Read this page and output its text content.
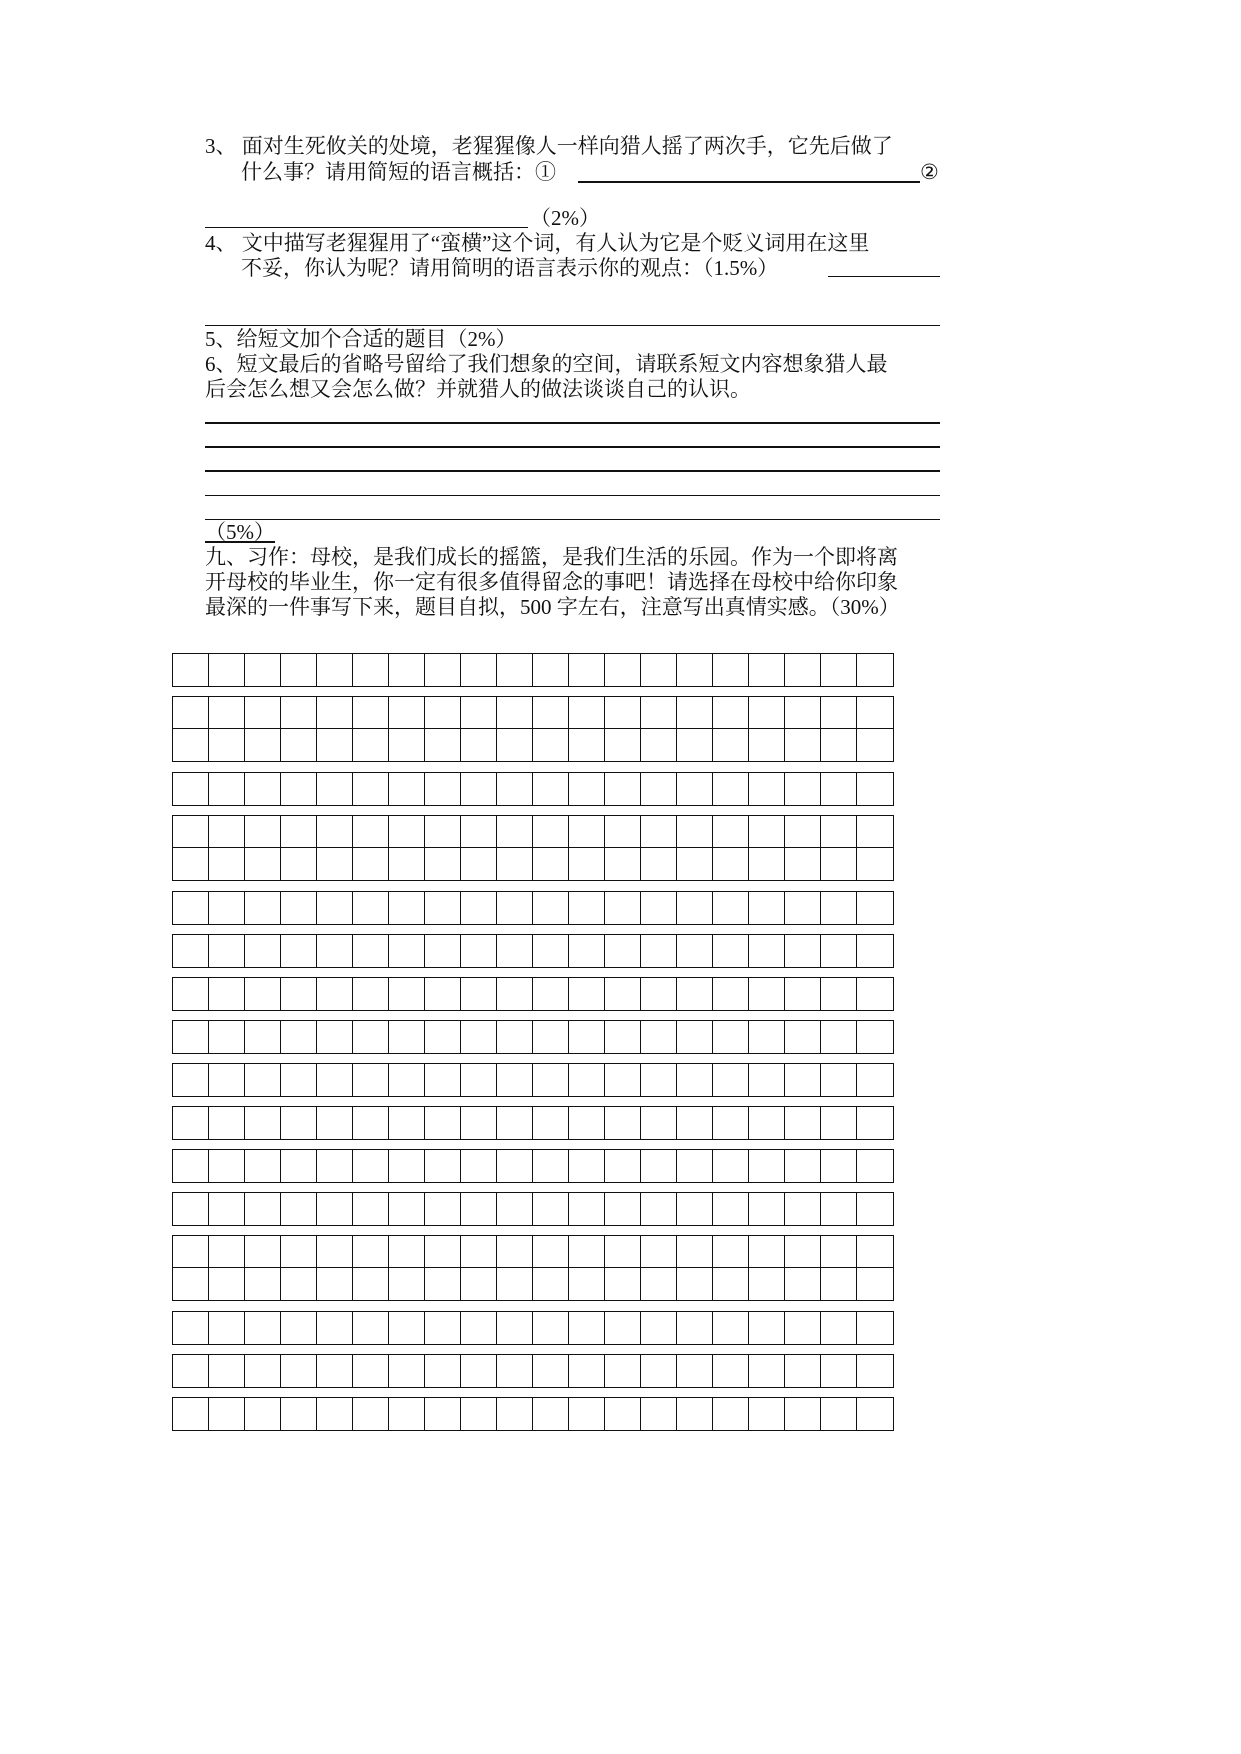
3、 面对生死攸关的处境，老猩猩像人一样向猎人摇了两次手，它先后做了
什么事？请用简短的语言概括：①	②
（2%）
4、 文中描写老猩猩用了“蛮横”这个词，有人认为它是个贬义词用在这里
不妥，你认为呢？请用简明的语言表示你的观点：（1.5%）
5、给短文加个合适的题目（2%）
6、短文最后的省略号留给了我们想象的空间，请联系短文内容想象猎人最
后会怎么想又会怎么做？并就猎人的做法谈谈自己的认识。
（5%）
九、习作：母校，是我们成长的摇篮，是我们生活的乐园。作为一个即将离
开母校的毕业生，你一定有很多值得留念的事吧！请选择在母校中给你印象
最深的一件事写下来，题目自拟，500 字左右，注意写出真情实感。（30%）
